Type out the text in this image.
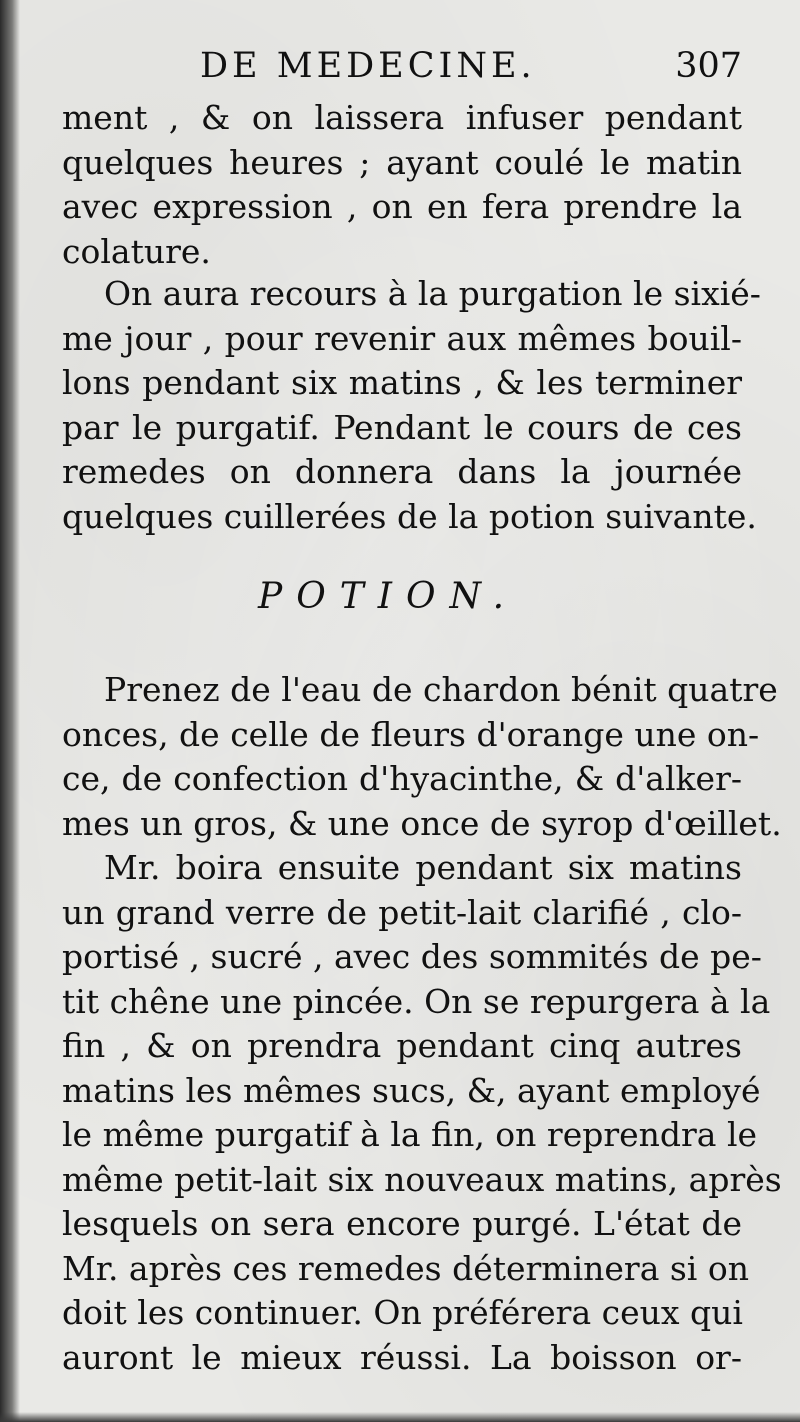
DE MEDECINE.	307
ment , & on laissera infuser pendant
quelques heures ; ayant coulé le matin
avec expression , on en fera prendre la
colature.
On aura recours à la purgation le sixié-
me jour , pour revenir aux mêmes bouil-
lons pendant six matins , & les terminer
par le purgatif. Pendant le cours de ces
remedes on donnera dans la journée
quelques cuillerées de la potion suivante.
POTION.
Prenez de l'eau de chardon bénit quatre
onces, de celle de fleurs d'orange une on-
ce, de confection d'hyacinthe, & d'alker-
mes un gros, & une once de syrop d'œillet.
Mr. boira ensuite pendant six matins
un grand verre de petit-lait clarifié , clo-
portisé , sucré , avec des sommités de pe-
tit chêne une pincée. On se repurgera à la
fin , & on prendra pendant cinq autres
matins les mêmes sucs, &, ayant employé
le même purgatif à la fin, on reprendra le
même petit-lait six nouveaux matins, après
lesquels on sera encore purgé. L'état de
Mr. après ces remedes déterminera si on
doit les continuer. On préférera ceux qui
auront le mieux réussi. La boisson or-
